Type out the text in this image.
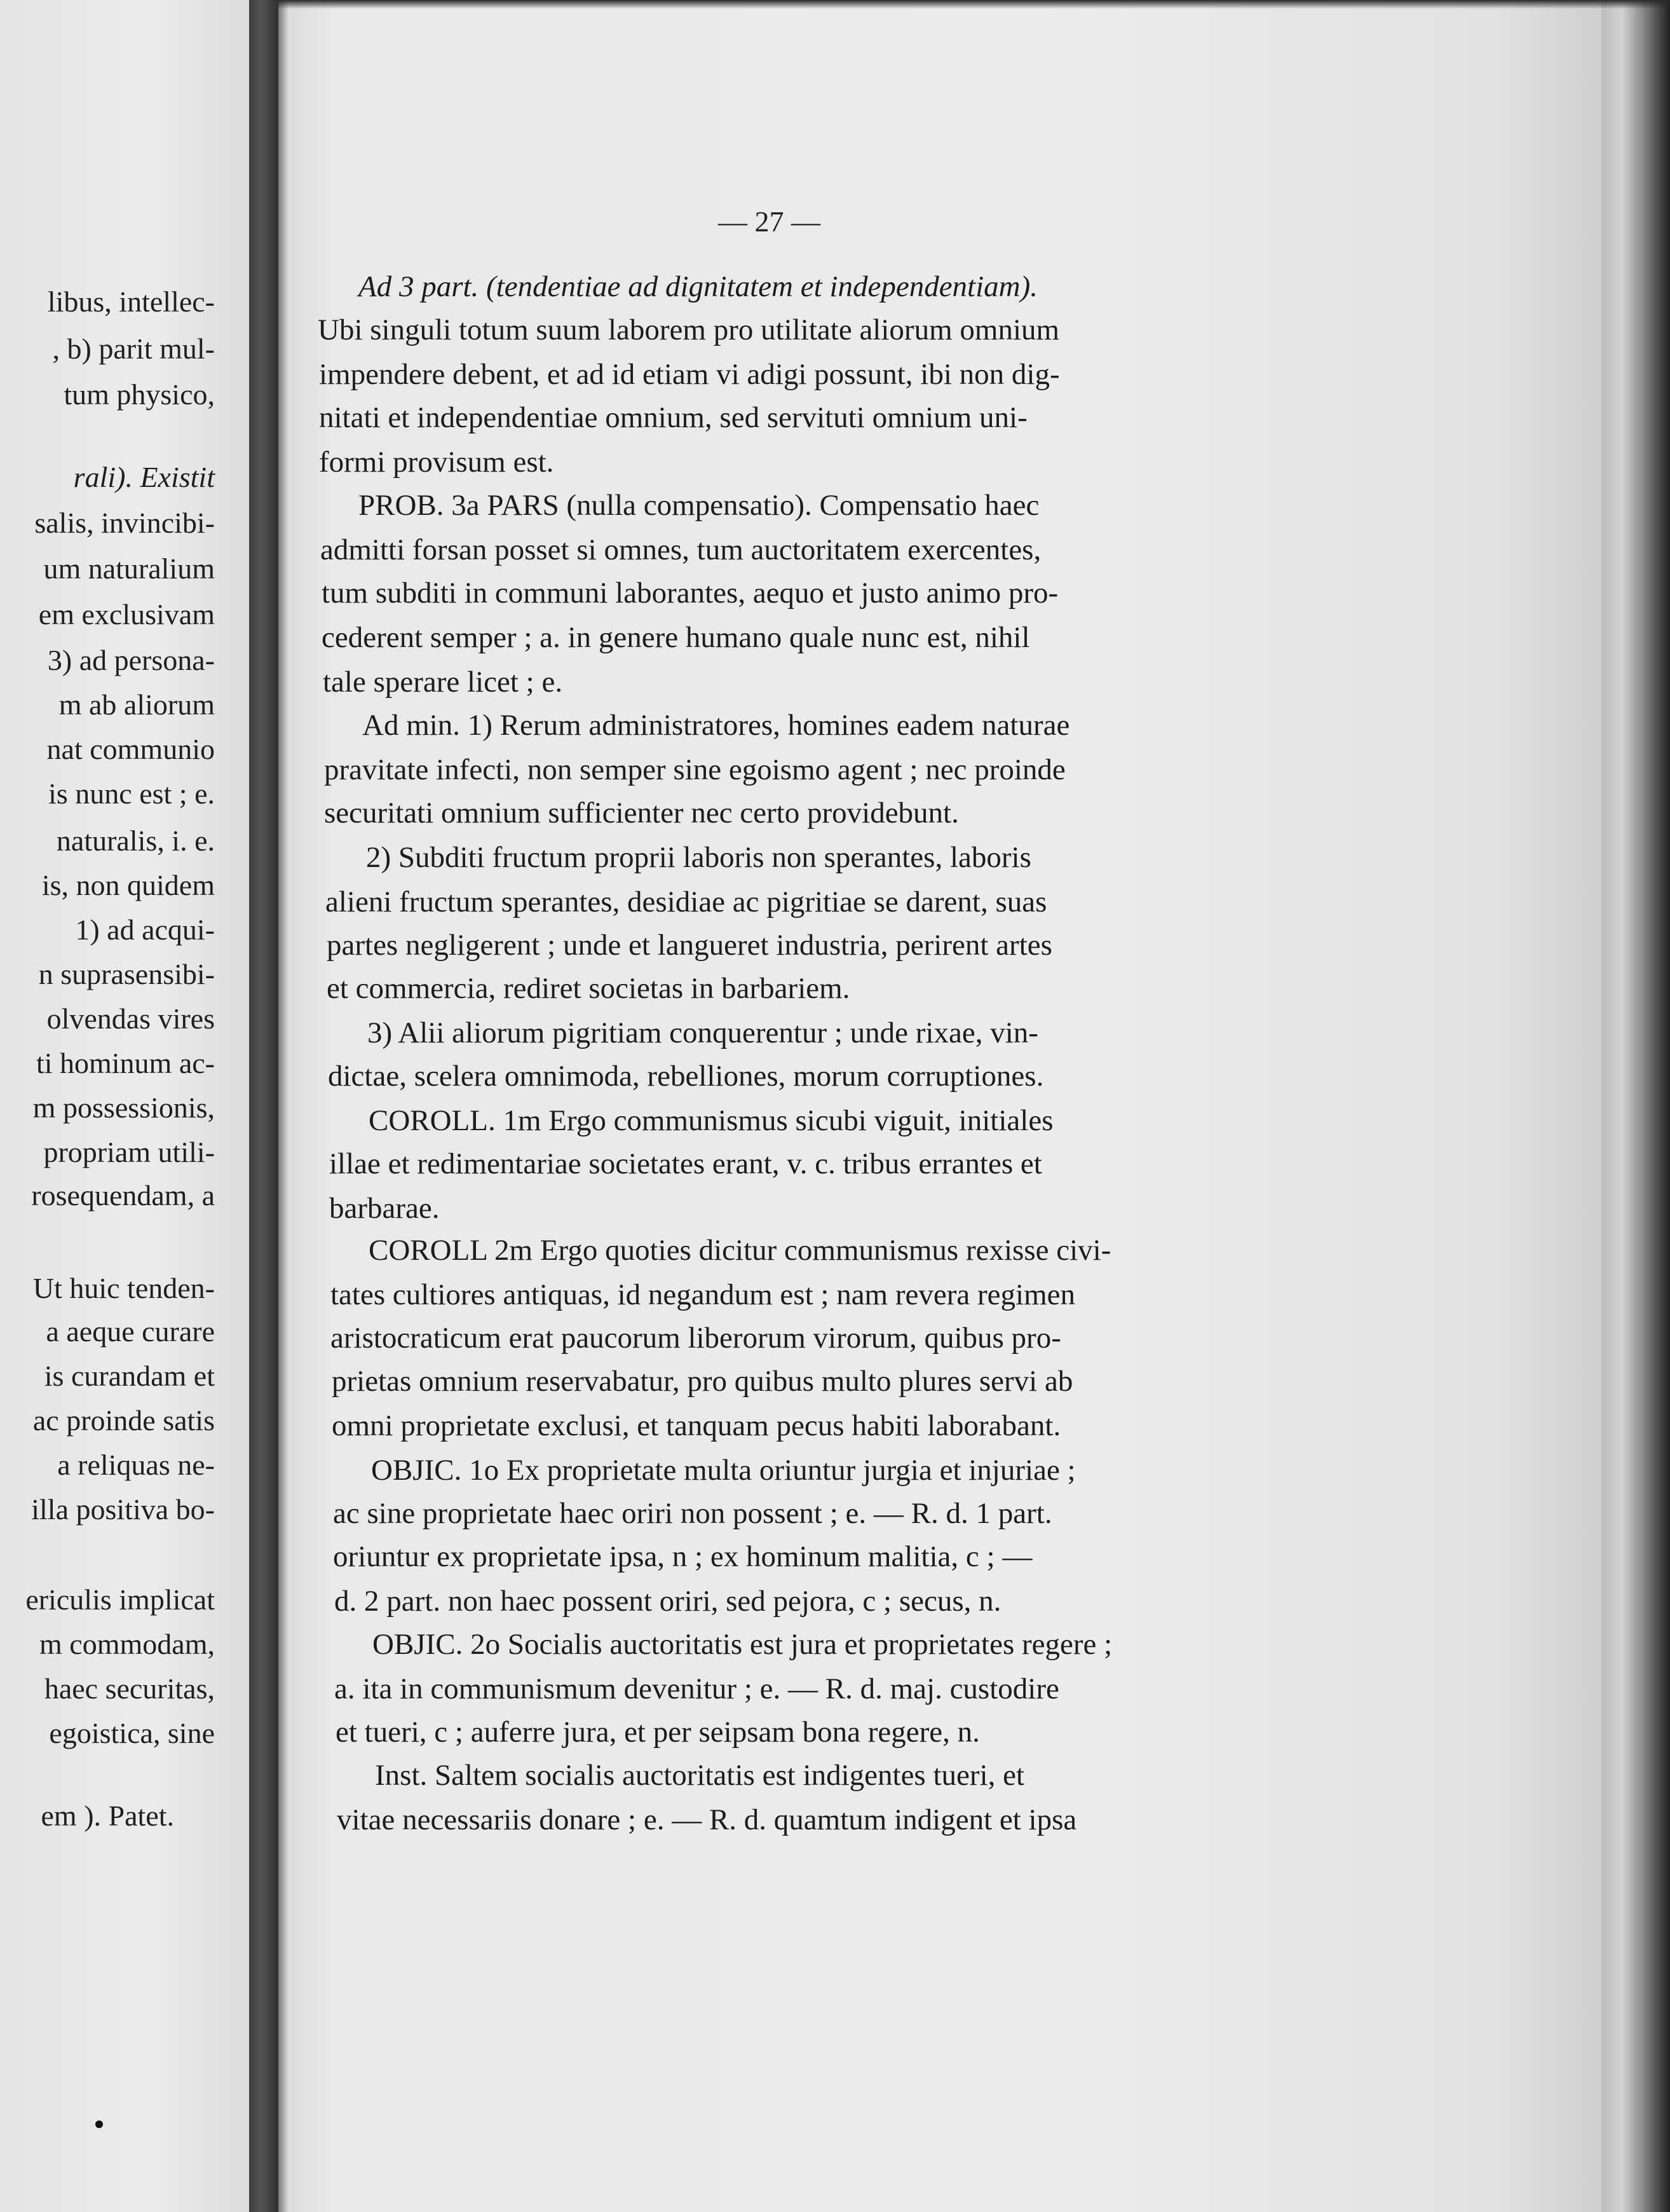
libus, intellec-
, b) parit mul-
tum physico,
rali). Existit
salis, invincibi-
um naturalium
em exclusivam
3) ad persona-
m ab aliorum
nat communio
is nunc est ; e.
naturalis, i. e.
is, non quidem
1) ad acqui-
n suprasensibi-
olvendas vires
ti hominum ac-
m possessionis,
propriam utili-
rosequendam, a
Ut huic tenden-
a aeque curare
is curandam et
ac proinde satis
a reliquas ne-
illa positiva bo-
ericulis implicat
m commodam,
haec securitas,
egoistica, sine
em ). Patet.
— 27 —
Ad 3 part. (tendentiae ad dignitatem et independentiam).
Ubi singuli totum suum laborem pro utilitate aliorum omnium
impendere debent, et ad id etiam vi adigi possunt, ibi non dig-
nitati et independentiae omnium, sed servituti omnium uni-
formi provisum est.
PROB. 3a PARS (nulla compensatio). Compensatio haec
admitti forsan posset si omnes, tum auctoritatem exercentes,
tum subditi in communi laborantes, aequo et justo animo pro-
cederent semper ; a. in genere humano quale nunc est, nihil
tale sperare licet ; e.
Ad min. 1) Rerum administratores, homines eadem naturae
pravitate infecti, non semper sine egoismo agent ; nec proinde
securitati omnium sufficienter nec certo providebunt.
2) Subditi fructum proprii laboris non sperantes, laboris
alieni fructum sperantes, desidiae ac pigritiae se darent, suas
partes negligerent ; unde et langueret industria, perirent artes
et commercia, rediret societas in barbariem.
3) Alii aliorum pigritiam conquerentur ; unde rixae, vin-
dictae, scelera omnimoda, rebelliones, morum corruptiones.
COROLL. 1m Ergo communismus sicubi viguit, initiales
illae et redimentariae societates erant, v. c. tribus errantes et
barbarae.
COROLL 2m Ergo quoties dicitur communismus rexisse civi-
tates cultiores antiquas, id negandum est ; nam revera regimen
aristocraticum erat paucorum liberorum virorum, quibus pro-
prietas omnium reservabatur, pro quibus multo plures servi ab
omni proprietate exclusi, et tanquam pecus habiti laborabant.
OBJIC. 1o Ex proprietate multa oriuntur jurgia et injuriae ;
ac sine proprietate haec oriri non possent ; e. — R. d. 1 part.
oriuntur ex proprietate ipsa, n ; ex hominum malitia, c ; —
d. 2 part. non haec possent oriri, sed pejora, c ; secus, n.
OBJIC. 2o Socialis auctoritatis est jura et proprietates regere ;
a. ita in communismum devenitur ; e. — R. d. maj. custodire
et tueri, c ; auferre jura, et per seipsam bona regere, n.
Inst. Saltem socialis auctoritatis est indigentes tueri, et
vitae necessariis donare ; e. — R. d. quamtum indigent et ipsa
